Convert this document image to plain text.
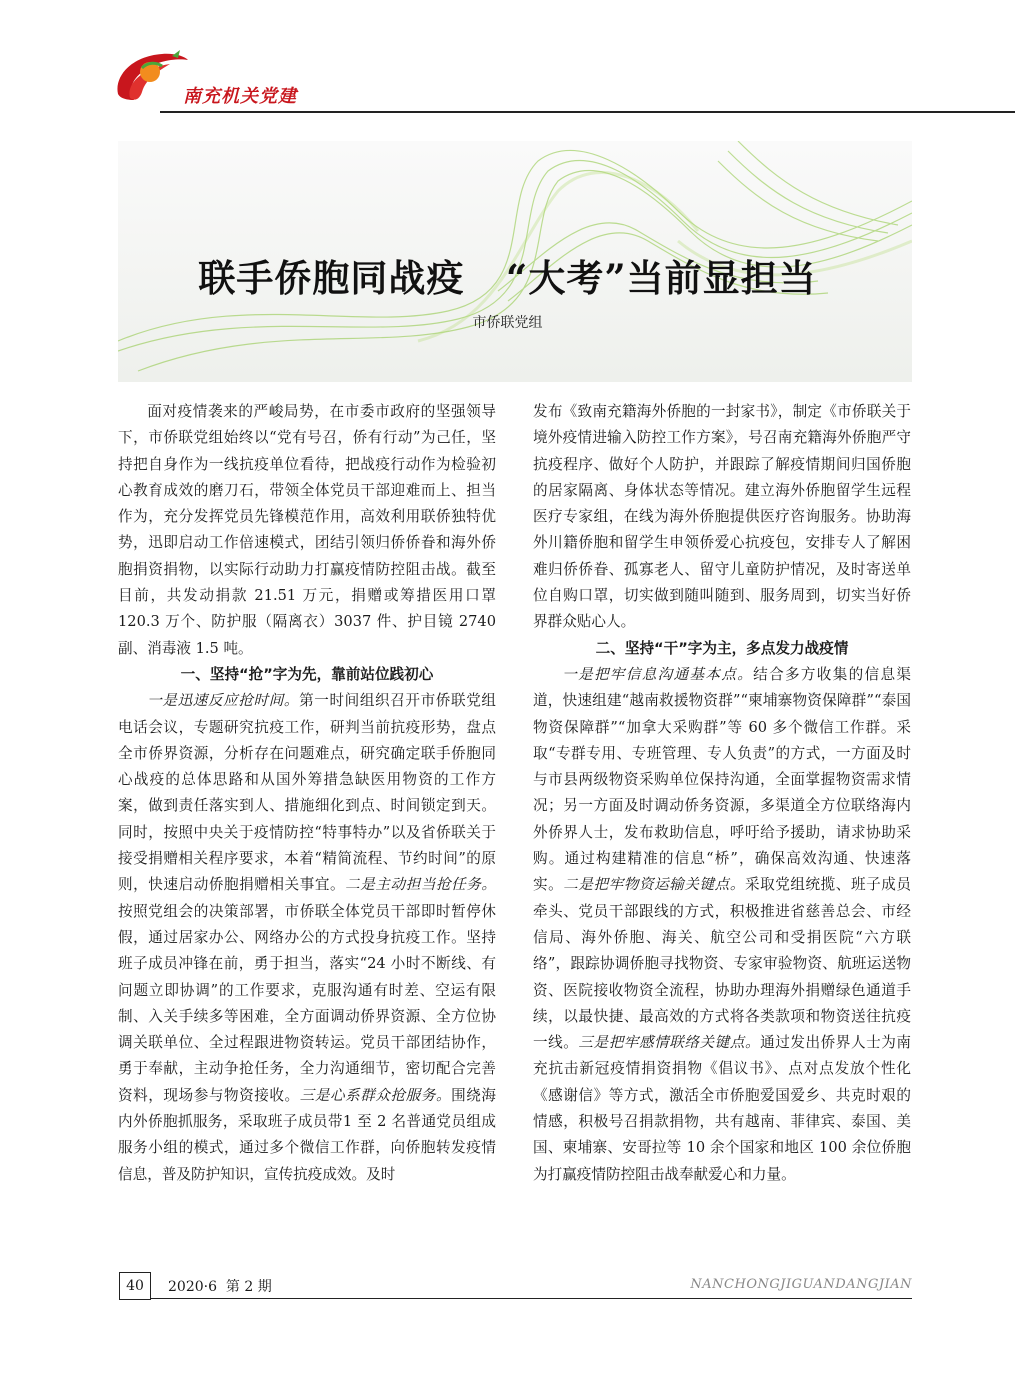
南充机关党建
联手侨胞同战疫   “大考”当前显担当
市侨联党组

面对疫情袭来的严峻局势，在市委市政府的坚强领导下，市侨联党组始终以“党有号召，侨有行动”为己任，坚持把自身作为一线抗疫单位看待，把战疫行动作为检验初心教育成效的磨刀石，带领全体党员干部迎难而上、担当作为，充分发挥党员先锋模范作用，高效利用联侨独特优势，迅即启动工作倍速模式，团结引领归侨侨眷和海外侨胞捐资捐物，以实际行动助力打赢疫情防控阻击战。截至目前，共发动捐款 21.51 万元，捐赠或筹措医用口罩 120.3 万个、防护服（隔离衣）3037 件、护目镜 2740 副、消毒液 1.5 吨。

一、坚持“抢”字为先，靠前站位践初心

一是迅速反应抢时间。第一时间组织召开市侨联党组电话会议，专题研究抗疫工作，研判当前抗疫形势，盘点全市侨界资源，分析存在问题难点，研究确定联手侨胞同心战疫的总体思路和从国外筹措急缺医用物资的工作方案，做到责任落实到人、措施细化到点、时间锁定到天。同时，按照中央关于疫情防控“特事特办”以及省侨联关于接受捐赠相关程序要求，本着“精简流程、节约时间”的原则，快速启动侨胞捐赠相关事宜。二是主动担当抢任务。按照党组会的决策部署，市侨联全体党员干部即时暂停休假，通过居家办公、网络办公的方式投身抗疫工作。坚持班子成员冲锋在前，勇于担当，落实“24 小时不断线、有问题立即协调”的工作要求，克服沟通有时差、空运有限制、入关手续多等困难，全方面调动侨界资源、全方位协调关联单位、全过程跟进物资转运。党员干部团结协作，勇于奉献，主动争抢任务，全力沟通细节，密切配合完善资料，现场参与物资接收。三是心系群众抢服务。围绕海内外侨胞抓服务，采取班子成员带1 至 2 名普通党员组成服务小组的模式，通过多个微信工作群，向侨胞转发疫情信息，普及防护知识，宣传抗疫成效。及时

发布《致南充籍海外侨胞的一封家书》，制定《市侨联关于境外疫情进输入防控工作方案》，号召南充籍海外侨胞严守抗疫程序、做好个人防护，并跟踪了解疫情期间归国侨胞的居家隔离、身体状态等情况。建立海外侨胞留学生远程医疗专家组，在线为海外侨胞提供医疗咨询服务。协助海外川籍侨胞和留学生申领侨爱心抗疫包，安排专人了解困难归侨侨眷、孤寡老人、留守儿童防护情况，及时寄送单位自购口罩，切实做到随叫随到、服务周到，切实当好侨界群众贴心人。

二、坚持“干”字为主，多点发力战疫情

一是把牢信息沟通基本点。结合多方收集的信息渠道，快速组建“越南救援物资群”“柬埔寨物资保障群”“泰国物资保障群”“加拿大采购群”等 60 多个微信工作群。采取“专群专用、专班管理、专人负责”的方式，一方面及时与市县两级物资采购单位保持沟通，全面掌握物资需求情况；另一方面及时调动侨务资源，多渠道全方位联络海内外侨界人士，发布救助信息，呼吁给予援助，请求协助采购。通过构建精准的信息“桥”，确保高效沟通、快速落实。二是把牢物资运输关键点。采取党组统揽、班子成员牵头、党员干部跟线的方式，积极推进省慈善总会、市经信局、海外侨胞、海关、航空公司和受捐医院“六方联络”，跟踪协调侨胞寻找物资、专家审验物资、航班运送物资、医院接收物资全流程，协助办理海外捐赠绿色通道手续，以最快捷、最高效的方式将各类款项和物资送往抗疫一线。三是把牢感情联络关键点。通过发出侨界人士为南充抗击新冠疫情捐资捐物《倡议书》、点对点发放个性化《感谢信》等方式，激活全市侨胞爱国爱乡、共克时艰的情感，积极号召捐款捐物，共有越南、菲律宾、泰国、美国、柬埔寨、安哥拉等 10 余个国家和地区 100 余位侨胞为打赢疫情防控阻击战奉献爱心和力量。

40	2020·6  第 2 期	NANCHONGJIGUANDANGJIAN
